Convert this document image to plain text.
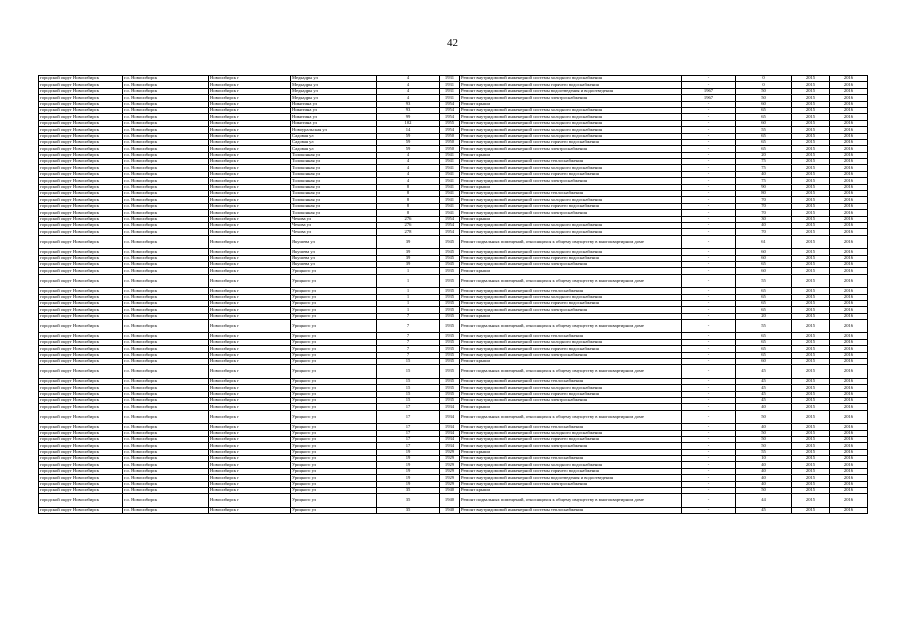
42
городской округ Новосибирск	г.о. Новосибирск	Новосибирск г	Медкадры ул	4	1931	Ремонт внутридомовой инженерной системы холодного водоснабжения	-	0	2015	2016
городской округ Новосибирск	г.о. Новосибирск	Новосибирск г	Медкадры ул	4	1931	Ремонт внутридомовой инженерной системы горячего водоснабжения	-	0	2015	2016
городской округ Новосибирск	г.о. Новосибирск	Новосибирск г	Медкадры ул	4	1931	Ремонт внутридомовой инженерной системы водоотведения и водоотведения	1967	50	2015	2016
городской округ Новосибирск	г.о. Новосибирск	Новосибирск г	Медкадры ул	4	1931	Ремонт внутридомовой инженерной системы электроснабжения	1967	50	2015	2016
городской округ Новосибирск	г.о. Новосибирск	Новосибирск г	Никитина ул	93	1954	Ремонт крыши	-	60	2015	2016
городской округ Новосибирск	г.о. Новосибирск	Новосибирск г	Никитина ул	93	1954	Ремонт внутридомовой инженерной системы холодного водоснабжения	-	65	2015	2016
городской округ Новосибирск	г.о. Новосибирск	Новосибирск г	Никитина ул	99	1954	Ремонт внутридомовой инженерной системы холодного водоснабжения	-	65	2015	2016
городской округ Новосибирск	г.о. Новосибирск	Новосибирск г	Никитина ул	102	1955	Ремонт внутридомовой инженерной системы холодного водоснабжения	-	60	2015	2016
городской округ Новосибирск	г.о. Новосибирск	Новосибирск г	Новоуральская ул	14	1954	Ремонт внутридомовой инженерной системы холодного водоснабжения	-	55	2015	2016
городской округ Новосибирск	г.о. Новосибирск	Новосибирск г	Садовая ул	59	1950	Ремонт внутридомовой инженерной системы холодного водоснабжения	-	65	2015	2016
городской округ Новосибирск	г.о. Новосибирск	Новосибирск г	Садовая ул	59	1950	Ремонт внутридомовой инженерной системы горячего водоснабжения	-	65	2015	2016
городской округ Новосибирск	г.о. Новосибирск	Новосибирск г	Садовая ул	59	1950	Ремонт внутридомовой инженерной системы электроснабжения	-	65	2015	2016
городской округ Новосибирск	г.о. Новосибирск	Новосибирск г	Толоконная ул	4	1941	Ремонт крыши	-	20	2015	2016
городской округ Новосибирск	г.о. Новосибирск	Новосибирск г	Толоконная ул	4	1941	Ремонт внутридомовой инженерной системы теплоснабжения	-	75	2015	2016
городской округ Новосибирск	г.о. Новосибирск	Новосибирск г	Толоконная ул	4	1941	Ремонт внутридомовой инженерной системы холодного водоснабжения	-	75	2015	2016
городской округ Новосибирск	г.о. Новосибирск	Новосибирск г	Толоконная ул	4	1941	Ремонт внутридомовой инженерной системы горячего водоснабжения	-	40	2015	2016
городской округ Новосибирск	г.о. Новосибирск	Новосибирск г	Толоконная ул	4	1941	Ремонт внутридомовой инженерной системы электроснабжения	-	75	2015	2016
городской округ Новосибирск	г.о. Новосибирск	Новосибирск г	Толоконная ул	8	1941	Ремонт крыши	-	90	2015	2016
городской округ Новосибирск	г.о. Новосибирск	Новосибирск г	Толоконная ул	8	1941	Ремонт внутридомовой инженерной системы теплоснабжения	-	80	2015	2016
городской округ Новосибирск	г.о. Новосибирск	Новосибирск г	Толоконная ул	8	1941	Ремонт внутридомовой инженерной системы холодного водоснабжения	-	70	2015	2016
городской округ Новосибирск	г.о. Новосибирск	Новосибирск г	Толоконная ул	8	1941	Ремонт внутридомовой инженерной системы горячего водоснабжения	-	70	2015	2016
городской округ Новосибирск	г.о. Новосибирск	Новосибирск г	Толоконная ул	8	1941	Ремонт внутридомовой инженерной системы электроснабжения	-	70	2015	2016
городской округ Новосибирск	г.о. Новосибирск	Новосибирск г	Чехова ул	276	1954	Ремонт крыши	-	30	2015	2016
городской округ Новосибирск	г.о. Новосибирск	Новосибирск г	Чехова ул	276	1954	Ремонт внутридомовой инженерной системы холодного водоснабжения	-	40	2015	2016
городской округ Новосибирск	г.о. Новосибирск	Новосибирск г	Чехова ул	278	1954	Ремонт внутридомовой инженерной системы холодного водоснабжения	-	70	2015	2016
городской округ Новосибирск	г.о. Новосибирск	Новосибирск г	Якушева ул	39	1945	Ремонт подвальных помещений, относящихся к общему имуществу в многоквартирном доме	-	61	2015	2016
городской округ Новосибирск	г.о. Новосибирск	Новосибирск г	Якушева ул	39	1945	Ремонт внутридомовой инженерной системы холодного водоснабжения	-	60	2015	2016
городской округ Новосибирск	г.о. Новосибирск	Новосибирск г	Якушева ул	39	1945	Ремонт внутридомовой инженерной системы горячего водоснабжения	-	60	2015	2016
городской округ Новосибирск	г.о. Новосибирск	Новосибирск г	Якушева ул	39	1945	Ремонт внутридомовой инженерной системы электроснабжения	-	65	2015	2016
городской округ Новосибирск	г.о. Новосибирск	Новосибирск г	Урицкого ул	1	1935	Ремонт крыши	-	60	2015	2016
городской округ Новосибирск	г.о. Новосибирск	Новосибирск г	Урицкого ул	1	1935	Ремонт подвальных помещений, относящихся к общему имуществу в многоквартирном доме	-	55	2015	2016
городской округ Новосибирск	г.о. Новосибирск	Новосибирск г	Урицкого ул	1	1935	Ремонт внутридомовой инженерной системы теплоснабжения	-	65	2015	2016
городской округ Новосибирск	г.о. Новосибирск	Новосибирск г	Урицкого ул	1	1935	Ремонт внутридомовой инженерной системы холодного водоснабжения	-	65	2015	2016
городской округ Новосибирск	г.о. Новосибирск	Новосибирск г	Урицкого ул	1	1935	Ремонт внутридомовой инженерной системы горячего водоснабжения	-	65	2015	2016
городской округ Новосибирск	г.о. Новосибирск	Новосибирск г	Урицкого ул	1	1935	Ремонт внутридомовой инженерной системы электроснабжения	-	65	2015	2016
городской округ Новосибирск	г.о. Новосибирск	Новосибирск г	Урицкого ул	7	1935	Ремонт крыши	-	20	2015	2016
городской округ Новосибирск	г.о. Новосибирск	Новосибирск г	Урицкого ул	7	1935	Ремонт подвальных помещений, относящихся к общему имуществу в многоквартирном доме	-	55	2015	2016
городской округ Новосибирск	г.о. Новосибирск	Новосибирск г	Урицкого ул	7	1935	Ремонт внутридомовой инженерной системы теплоснабжения	-	65	2015	2016
городской округ Новосибирск	г.о. Новосибирск	Новосибирск г	Урицкого ул	7	1935	Ремонт внутридомовой инженерной системы холодного водоснабжения	-	65	2015	2016
городской округ Новосибирск	г.о. Новосибирск	Новосибирск г	Урицкого ул	7	1935	Ремонт внутридомовой инженерной системы горячего водоснабжения	-	65	2015	2016
городской округ Новосибирск	г.о. Новосибирск	Новосибирск г	Урицкого ул	7	1935	Ремонт внутридомовой инженерной системы электроснабжения	-	65	2015	2016
городской округ Новосибирск	г.о. Новосибирск	Новосибирск г	Урицкого ул	15	1935	Ремонт крыши	-	60	2015	2016
городской округ Новосибирск	г.о. Новосибирск	Новосибирск г	Урицкого ул	15	1935	Ремонт подвальных помещений, относящихся к общему имуществу в многоквартирном доме	-	45	2015	2016
городской округ Новосибирск	г.о. Новосибирск	Новосибирск г	Урицкого ул	15	1935	Ремонт внутридомовой инженерной системы теплоснабжения	-	45	2015	2016
городской округ Новосибирск	г.о. Новосибирск	Новосибирск г	Урицкого ул	15	1935	Ремонт внутридомовой инженерной системы холодного водоснабжения	-	45	2015	2016
городской округ Новосибирск	г.о. Новосибирск	Новосибирск г	Урицкого ул	15	1935	Ремонт внутридомовой инженерной системы горячего водоснабжения	-	45	2015	2016
городской округ Новосибирск	г.о. Новосибирск	Новосибирск г	Урицкого ул	15	1935	Ремонт внутридомовой инженерной системы электроснабжения	-	45	2015	2016
городской округ Новосибирск	г.о. Новосибирск	Новосибирск г	Урицкого ул	17	1934	Ремонт крыши	-	40	2015	2016
городской округ Новосибирск	г.о. Новосибирск	Новосибирск г	Урицкого ул	17	1934	Ремонт подвальных помещений, относящихся к общему имуществу в многоквартирном доме	-	50	2015	2016
городской округ Новосибирск	г.о. Новосибирск	Новосибирск г	Урицкого ул	17	1934	Ремонт внутридомовой инженерной системы теплоснабжения	-	40	2015	2016
городской округ Новосибирск	г.о. Новосибирск	Новосибирск г	Урицкого ул	17	1934	Ремонт внутридомовой инженерной системы холодного водоснабжения	-	50	2015	2016
городской округ Новосибирск	г.о. Новосибирск	Новосибирск г	Урицкого ул	17	1934	Ремонт внутридомовой инженерной системы горячего водоснабжения	-	50	2015	2016
городской округ Новосибирск	г.о. Новосибирск	Новосибирск г	Урицкого ул	17	1934	Ремонт внутридомовой инженерной системы электроснабжения	-	50	2015	2016
городской округ Новосибирск	г.о. Новосибирск	Новосибирск г	Урицкого ул	19	1929	Ремонт крыши	-	55	2015	2016
городской округ Новосибирск	г.о. Новосибирск	Новосибирск г	Урицкого ул	19	1929	Ремонт внутридомовой инженерной системы теплоснабжения	-	10	2015	2016
городской округ Новосибирск	г.о. Новосибирск	Новосибирск г	Урицкого ул	19	1929	Ремонт внутридомовой инженерной системы холодного водоснабжения	-	40	2015	2016
городской округ Новосибирск	г.о. Новосибирск	Новосибирск г	Урицкого ул	19	1929	Ремонт внутридомовой инженерной системы горячего водоснабжения	-	40	2015	2016
городской округ Новосибирск	г.о. Новосибирск	Новосибирск г	Урицкого ул	19	1929	Ремонт внутридомовой инженерной системы водоотведения и водоотведения	-	40	2015	2016
городской округ Новосибирск	г.о. Новосибирск	Новосибирск г	Урицкого ул	19	1929	Ремонт внутридомовой инженерной системы электроснабжения	-	40	2015	2016
городской округ Новосибирск	г.о. Новосибирск	Новосибирск г	Урицкого ул	35	1940	Ремонт крыши	-	50	2015	2016
городской округ Новосибирск	г.о. Новосибирск	Новосибирск г	Урицкого ул	35	1940	Ремонт подвальных помещений, относящихся к общему имуществу в многоквартирном доме	-	44	2015	2016
городской округ Новосибирск	г.о. Новосибирск	Новосибирск г	Урицкого ул	35	1940	Ремонт внутридомовой инженерной системы теплоснабжения	-	45	2015	2016
